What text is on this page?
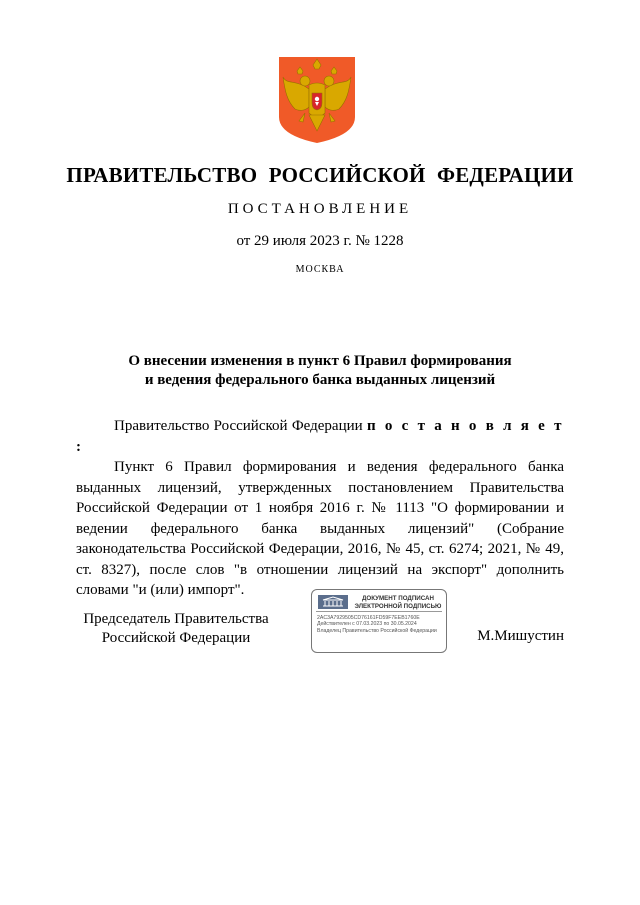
ПРАВИТЕЛЬСТВО РОССИЙСКОЙ ФЕДЕРАЦИИ
ПОСТАНОВЛЕНИЕ
от 29 июля 2023 г. № 1228
МОСКВА
О внесении изменения в пункт 6 Правил формирования
и ведения федерального банка выданных лицензий

Правительство Российской Федерации п о с т а н о в л я е т :

Пункт 6 Правил формирования и ведения федерального банка выданных лицензий, утвержденных постановлением Правительства Российской Федерации от 1 ноября 2016 г. № 1113 "О формировании и ведении федерального банка выданных лицензий" (Собрание законодательства Российской Федерации, 2016, № 45, ст. 6274; 2021, № 49, ст. 8327), после слов "в отношении лицензий на экспорт" дополнить словами "и (или) импорт".

Председатель Правительства
Российской Федерации
ДОКУМЕНТ ПОДПИСАН
ЭЛЕКТРОННОЙ ПОДПИСЬЮ
2AC3A7929505CD76161FD59F7EEB1760E
Действителен с 07.03.2023 по 30.05.2024
Владелец Правительство Российской Федерации	М.Мишустин
